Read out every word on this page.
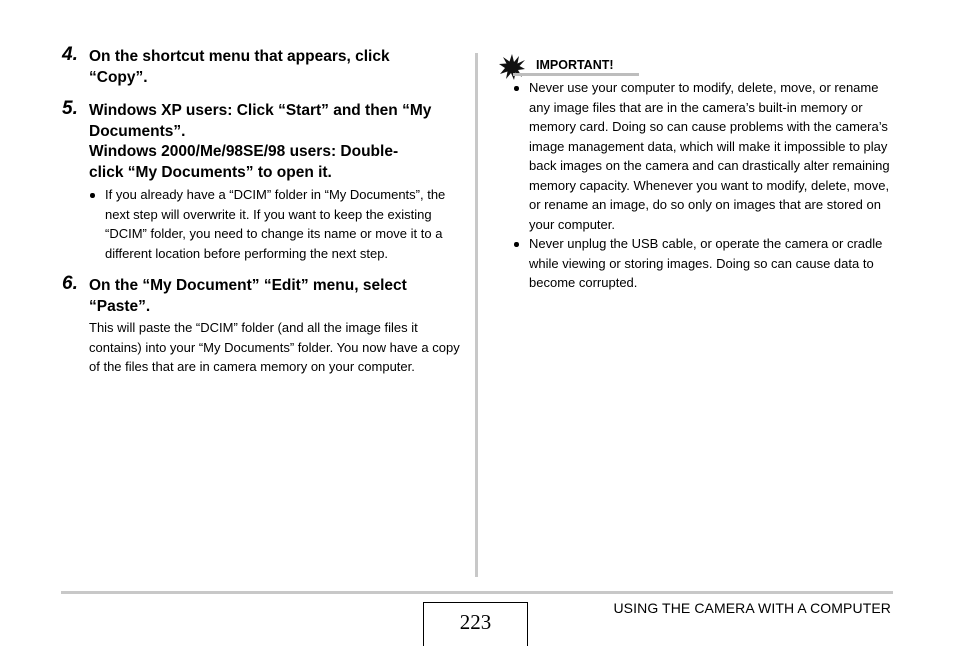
4. On the shortcut menu that appears, click
“Copy”.
5. Windows XP users: Click “Start” and then “My
Documents”.
Windows 2000/Me/98SE/98 users: Double-
click “My Documents” to open it.
If you already have a “DCIM” folder in “My Documents”, the next step will overwrite it. If you want to keep the existing “DCIM” folder, you need to change its name or move it to a different location before performing the next step.
6. On the “My Document” “Edit” menu, select
“Paste”.
This will paste the “DCIM” folder (and all the image files it contains) into your “My Documents” folder. You now have a copy of the files that are in camera memory on your computer.
IMPORTANT!
Never use your computer to modify, delete, move, or rename any image files that are in the camera’s built-in memory or memory card. Doing so can cause problems with the camera’s image management data, which will make it impossible to play back images on the camera and can drastically alter remaining memory capacity. Whenever you want to modify, delete, move, or rename an image, do so only on images that are stored on your computer.
Never unplug the USB cable, or operate the camera or cradle while viewing or storing images. Doing so can cause data to become corrupted.
223
USING THE CAMERA WITH A COMPUTER
